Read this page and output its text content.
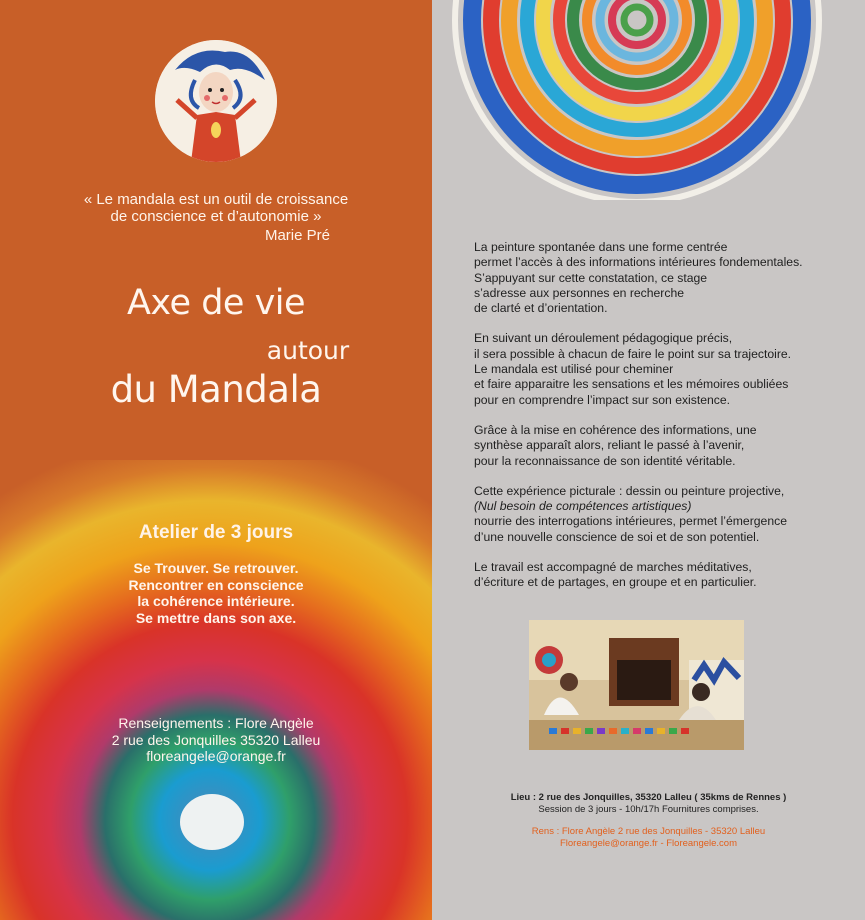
« Le mandala est un outil de croissance
de conscience et d’autonomie »
Marie Pré
Axe de vie
autour
du Mandala
Atelier de 3 jours
Se Trouver. Se retrouver.
Rencontrer en conscience
la cohérence intérieure.
Se mettre dans son axe.
Renseignements : Flore Angèle
2 rue des Jonquilles 35320 Lalleu
floreangele@orange.fr

La peinture spontanée dans une forme centrée
permet l’accès à des informations intérieures fondementales.
S’appuyant sur cette constatation, ce stage
s’adresse aux personnes en recherche
de clarté et d’orientation.

En suivant un déroulement pédagogique précis,
il sera possible à chacun de faire le point sur sa trajectoire.
Le mandala est utilisé pour cheminer
et faire apparaitre les sensations et les mémoires oubliées
pour en comprendre l’impact sur son existence.

Grâce à la mise en cohérence des informations, une
synthèse apparaît alors, reliant le passé à l’avenir,
pour la reconnaissance de son identité véritable.

Cette expérience picturale : dessin ou peinture projective,
(Nul besoin de compétences artistiques)
nourrie des interrogations intérieures, permet l’émergence
d’une nouvelle conscience de soi et de son potentiel.

Le travail est accompagné de marches méditatives,
d’écriture et de partages, en groupe et en particulier.

Lieu : 2 rue des Jonquilles, 35320 Lalleu ( 35kms de Rennes )
Session de 3 jours - 10h/17h Fournitures comprises.
Rens : Flore Angèle 2 rue des Jonquilles - 35320 Lalleu
Floreangele@orange.fr - Floreangele.com
